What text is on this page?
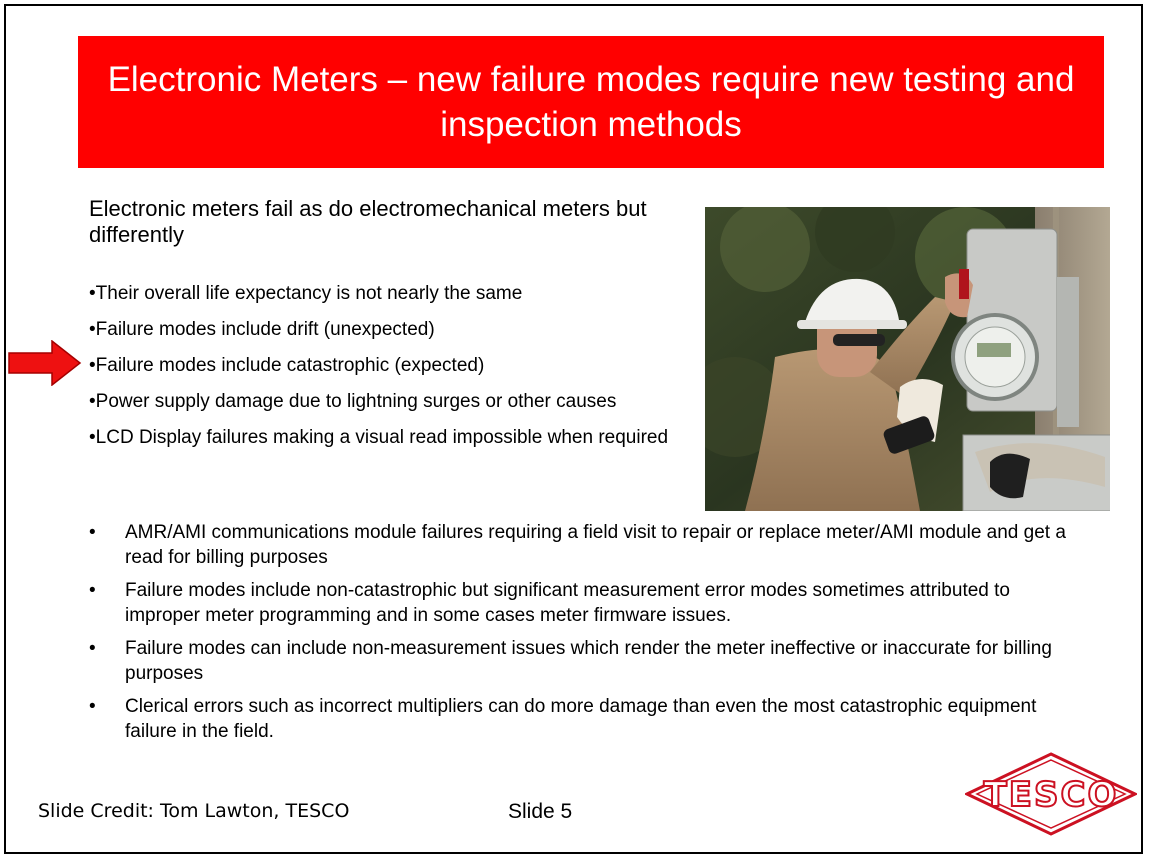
Electronic Meters – new failure modes require new testing and inspection methods
Electronic meters fail as do electromechanical meters but differently
•Their overall life expectancy is not nearly the same
•Failure modes include drift (unexpected)
•Failure modes include catastrophic (expected)
•Power supply damage due to lightning surges or other causes
•LCD Display failures making a visual read impossible when required
• AMR/AMI communications module failures requiring a field visit to repair or replace meter/AMI module and get a read for billing purposes
• Failure modes include non-catastrophic but significant measurement error modes sometimes attributed to improper meter programming and in some cases meter firmware issues.
• Failure modes can include non-measurement issues which render the meter ineffective or inaccurate for billing purposes
• Clerical errors such as incorrect multipliers can do more damage than even the most catastrophic equipment failure in the field.
Slide Credit: Tom Lawton, TESCO	Slide 5	TESCO
